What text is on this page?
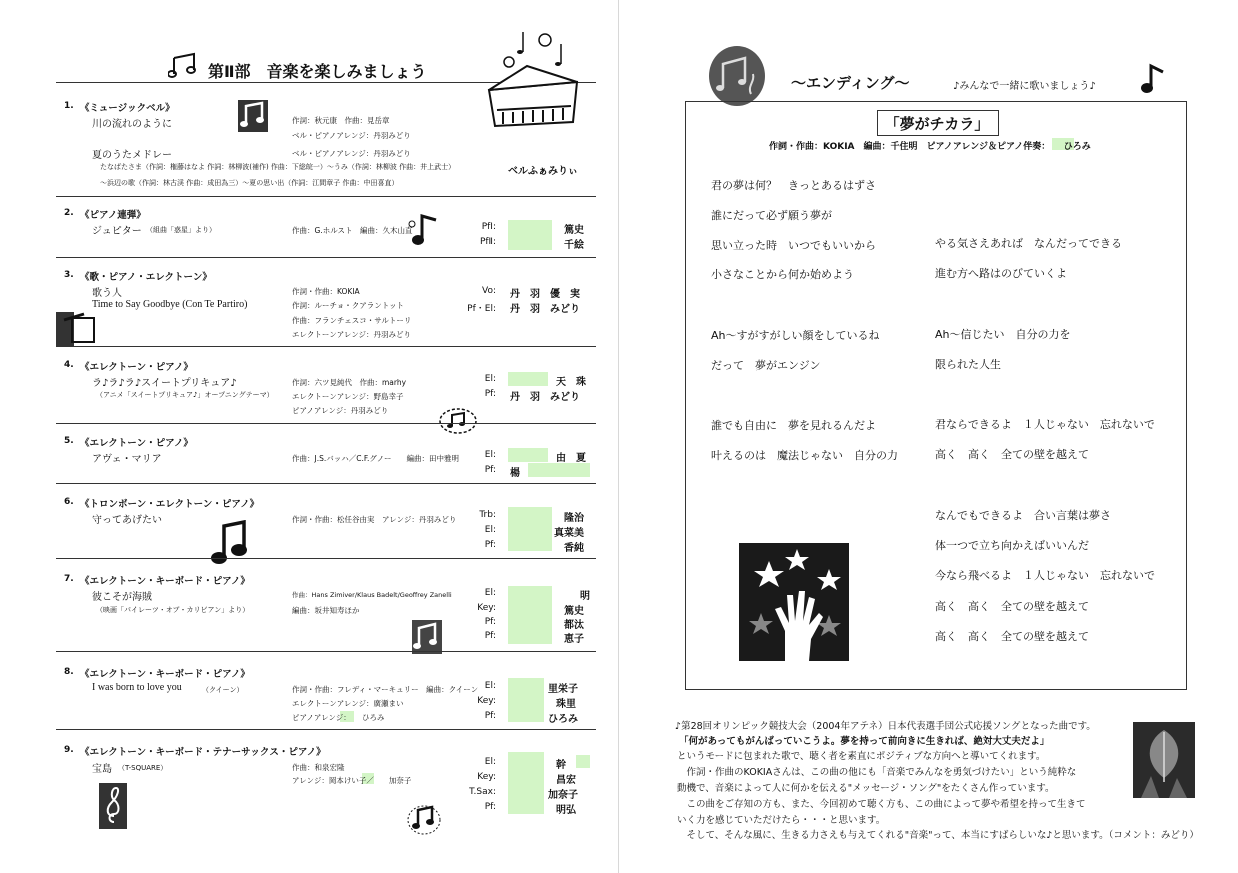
第Ⅱ部　音楽を楽しみましょう
1. 《ミュージックベル》
川の流れのように
夏のうたメドレー
作詞：秋元康　作曲：見岳章
ベル・ピアノアレンジ：丹羽みどり
ベル・ピアノアレンジ：丹羽みどり
たなばたさま（作詞：権藤はなよ 作詞：林柳波(補作) 作曲：下総皖一）〜うみ（作詞：林柳波 作曲：井上武士）
〜浜辺の歌（作詞：林古渓 作曲：成田為三）〜夏の思い出（作詞：江間章子 作曲：中田喜直）
ベルふぁみりぃ
2. 《ピアノ連弾》
ジュピター （組曲「惑星」より）	作曲：G.ホルスト　編曲：久木山直	PfⅠ:	篤史
PfⅡ:	千絵
3. 《歌・ピアノ・エレクトーン》
歌う人
Time to Say Goodbye (Con Te Partiro)
作詞・作曲：KOKIA
作詞：ルーチョ・クアラントット
作曲：フランチェスコ・サルトーリ
エレクトーンアレンジ：丹羽みどり
Vo: 丹　羽　優　実
Pf・El: 丹　羽　みどり
4. 《エレクトーン・ピアノ》
ラ♪ラ♪ラ♪スイートプリキュア♪
（アニメ「スイートプリキュア♪」オープニングテーマ）
作詞：六ツ見純代　作曲：marhy
エレクトーンアレンジ：野島幸子
ピアノアレンジ：丹羽みどり
El:	天　珠
Pf: 丹　羽　みどり
5. 《エレクトーン・ピアノ》
アヴェ・マリア	作曲：J.S.バッハ／C.F.グノー　　編曲：田中雅明	El:	由　夏
Pf: 楊
6. 《トロンボーン・エレクトーン・ピアノ》
守ってあげたい	作詞・作曲：松任谷由実　アレンジ：丹羽みどり	Trb:	隆治
El:	真菜美
Pf:	香純
7. 《エレクトーン・キーボード・ピアノ》
彼こそが海賊
（映画「パイレーツ・オブ・カリビアン」より）
作曲：Hans Zimiver/Klaus Badelt/Geoffrey Zanelli
編曲：坂井知寿ほか
El:	明
Key:	篤史
Pf:	都汰
Pf:	恵子
8. 《エレクトーン・キーボード・ピアノ》
I was born to love you	（クイーン）	作詞・作曲：フレディ・マーキュリー　編曲：クイーン
エレクトーンアレンジ：廣瀬まい
ピアノアレンジ：　　ひろみ
El:	里栄子
Key:	珠里
Pf:	ひろみ
9. 《エレクトーン・キーボード・テナーサックス・ピアノ》
宝島 （T-SQUARE）	作曲：和泉宏隆
アレンジ：岡本けい子／　　加奈子
El:	幹
Key:	昌宏
T.Sax:	加奈子
Pf:	明弘
〜エンディング〜	♪みんなで一緒に歌いましょう♪
「夢がチカラ」
作詞・作曲：KOKIA　編曲：千住明　ピアノアレンジ＆ピアノ伴奏：　　ひろみ
君の夢は何？　きっとあるはずさ
誰にだって必ず願う夢が
思い立った時　いつでもいいから
小さなことから何か始めよう
Ah〜すがすがしい顔をしているね
だって　夢がエンジン
誰でも自由に　夢を見れるんだよ
叶えるのは　魔法じゃない　自分の力
やる気さえあれば　なんだってできる
進む方へ路はのびていくよ
Ah〜信じたい　自分の力を
限られた人生
君ならできるよ　１人じゃない　忘れないで
高く　高く　全ての壁を越えて
なんでもできるよ　合い言葉は夢さ
体一つで立ち向かえばいいんだ
今なら飛べるよ　１人じゃない　忘れないで
高く　高く　全ての壁を越えて
高く　高く　全ての壁を越えて
♪第28回オリンピック競技大会（2004年アテネ）日本代表選手団公式応援ソングとなった曲です。
「何があってもがんばっていこうよ。夢を持って前向きに生きれば、絶対大丈夫だよ」
というモードに包まれた歌で、聴く者を素直にポジティブな方向へと導いてくれます。
　作詞・作曲のKOKIAさんは、この曲の他にも「音楽でみんなを勇気づけたい」という純粋な
動機で、音楽によって人に何かを伝える"メッセージ・ソング"をたくさん作っています。
　この曲をご存知の方も、また、今回初めて聴く方も、この曲によって夢や希望を持って生きて
いく力を感じていただけたら・・・と思います。
　そして、そんな風に、生きる力さえも与えてくれる"音楽"って、本当にすばらしいな♪と思います。（コメント：みどり）
